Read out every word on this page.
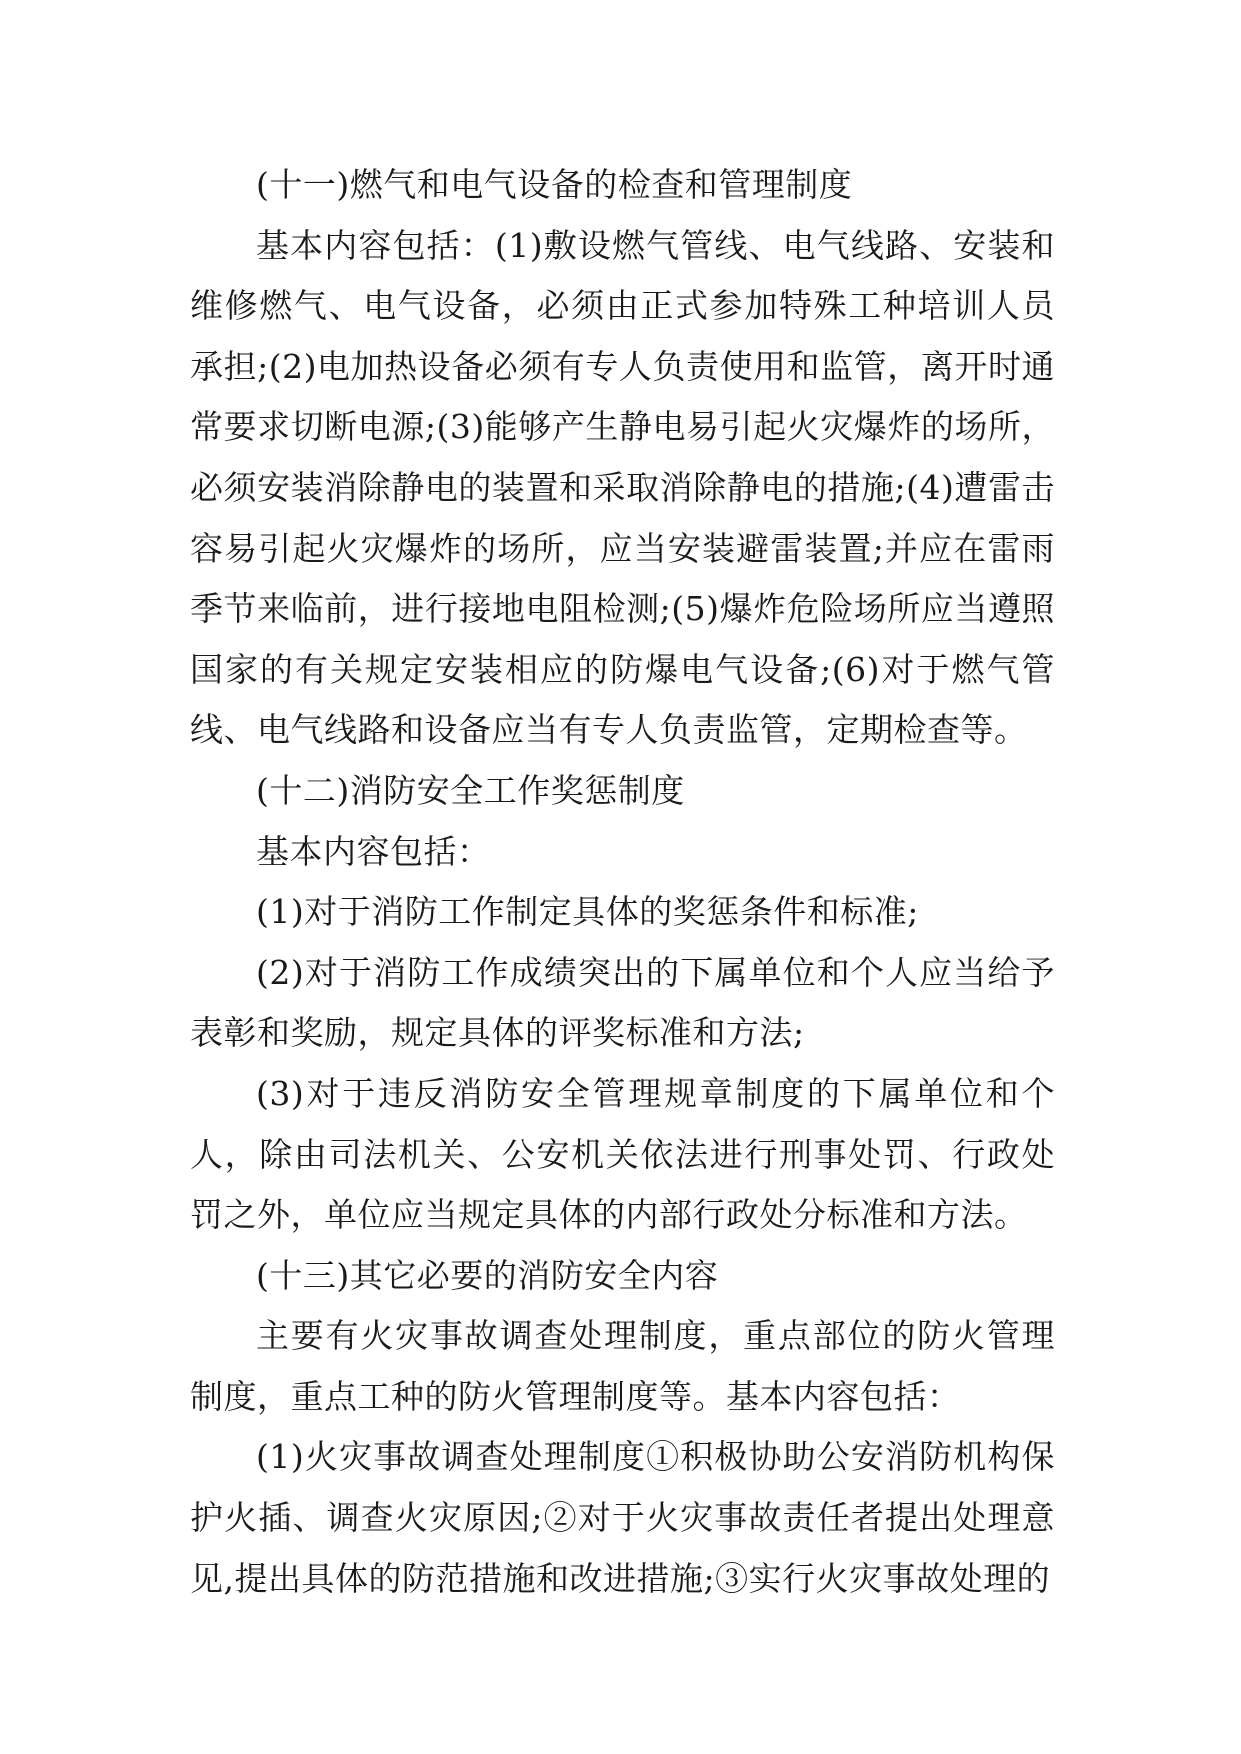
(十一)燃气和电气设备的检查和管理制度

基本内容包括：(1)敷设燃气管线、电气线路、安装和维修燃气、电气设备，必须由正式参加特殊工种培训人员承担;(2)电加热设备必须有专人负责使用和监管，离开时通常要求切断电源;(3)能够产生静电易引起火灾爆炸的场所，必须安装消除静电的装置和采取消除静电的措施;(4)遭雷击容易引起火灾爆炸的场所，应当安装避雷装置;并应在雷雨季节来临前，进行接地电阻检测;(5)爆炸危险场所应当遵照国家的有关规定安装相应的防爆电气设备;(6)对于燃气管线、电气线路和设备应当有专人负责监管，定期检查等。

(十二)消防安全工作奖惩制度

基本内容包括：

(1)对于消防工作制定具体的奖惩条件和标准;

(2)对于消防工作成绩突出的下属单位和个人应当给予表彰和奖励，规定具体的评奖标准和方法;

(3)对于违反消防安全管理规章制度的下属单位和个人，除由司法机关、公安机关依法进行刑事处罚、行政处罚之外，单位应当规定具体的内部行政处分标准和方法。

(十三)其它必要的消防安全内容

主要有火灾事故调查处理制度，重点部位的防火管理制度，重点工种的防火管理制度等。基本内容包括：

(1)火灾事故调查处理制度①积极协助公安消防机构保护火插、调查火灾原因;②对于火灾事故责任者提出处理意见,提出具体的防范措施和改进措施;③实行火灾事故处理的
